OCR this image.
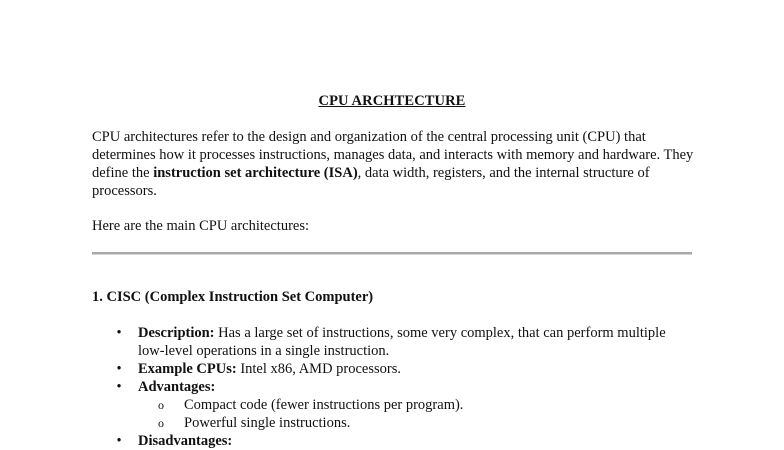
CPU ARCHTECTURE
CPU architectures refer to the design and organization of the central processing unit (CPU) that determines how it processes instructions, manages data, and interacts with memory and hardware. They define the instruction set architecture (ISA), data width, registers, and the internal structure of processors.
Here are the main CPU architectures:
1. CISC (Complex Instruction Set Computer)
• Description: Has a large set of instructions, some very complex, that can perform multiple low-level operations in a single instruction.
• Example CPUs: Intel x86, AMD processors.
• Advantages:
o Compact code (fewer instructions per program).
o Powerful single instructions.
• Disadvantages:
